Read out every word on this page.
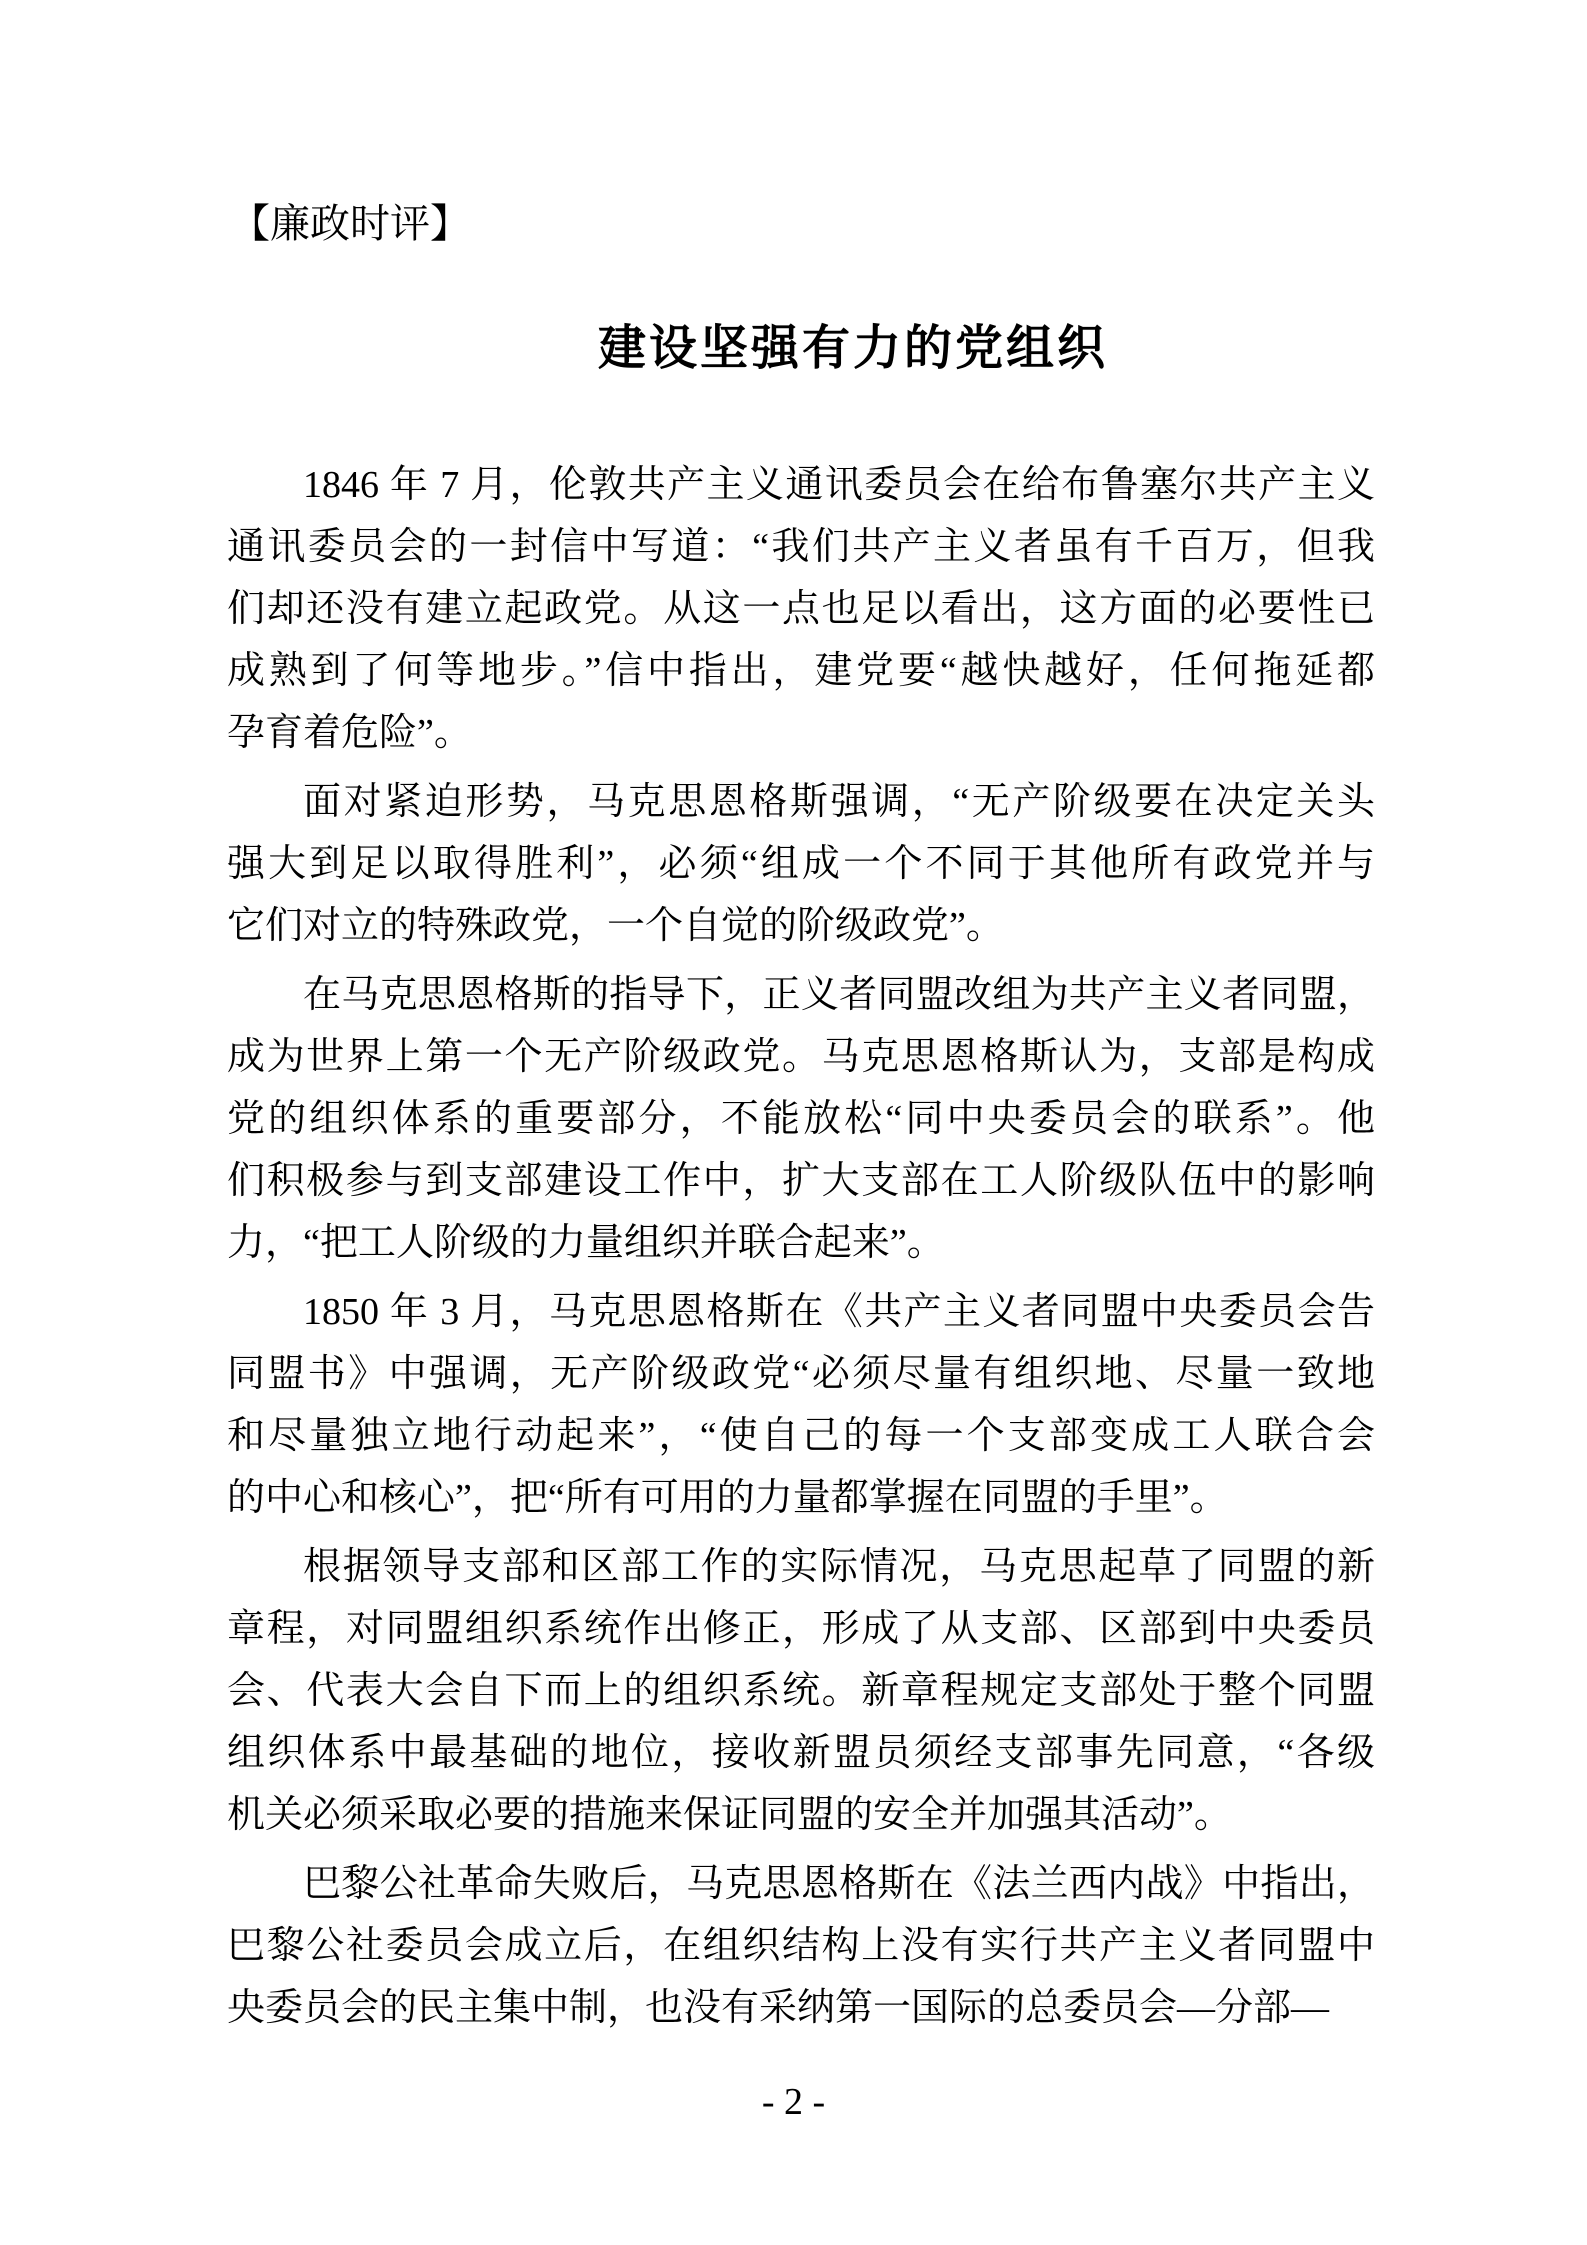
【廉政时评】
建设坚强有力的党组织
1846 年 7 月，伦敦共产主义通讯委员会在给布鲁塞尔共产主义
通讯委员会的一封信中写道：“我们共产主义者虽有千百万，但我
们却还没有建立起政党。从这一点也足以看出，这方面的必要性已
成熟到了何等地步。”信中指出，建党要“越快越好，任何拖延都
孕育着危险”。
面对紧迫形势，马克思恩格斯强调，“无产阶级要在决定关头
强大到足以取得胜利”，必须“组成一个不同于其他所有政党并与
它们对立的特殊政党，一个自觉的阶级政党”。
在马克思恩格斯的指导下，正义者同盟改组为共产主义者同盟，
成为世界上第一个无产阶级政党。马克思恩格斯认为，支部是构成
党的组织体系的重要部分，不能放松“同中央委员会的联系”。他
们积极参与到支部建设工作中，扩大支部在工人阶级队伍中的影响
力，“把工人阶级的力量组织并联合起来”。
1850 年 3 月，马克思恩格斯在《共产主义者同盟中央委员会告
同盟书》中强调，无产阶级政党“必须尽量有组织地、尽量一致地
和尽量独立地行动起来”，“使自己的每一个支部变成工人联合会
的中心和核心”，把“所有可用的力量都掌握在同盟的手里”。
根据领导支部和区部工作的实际情况，马克思起草了同盟的新
章程，对同盟组织系统作出修正，形成了从支部、区部到中央委员
会、代表大会自下而上的组织系统。新章程规定支部处于整个同盟
组织体系中最基础的地位，接收新盟员须经支部事先同意，“各级
机关必须采取必要的措施来保证同盟的安全并加强其活动”。
巴黎公社革命失败后，马克思恩格斯在《法兰西内战》中指出，
巴黎公社委员会成立后，在组织结构上没有实行共产主义者同盟中
央委员会的民主集中制，也没有采纳第一国际的总委员会—分部—
- 2 -
